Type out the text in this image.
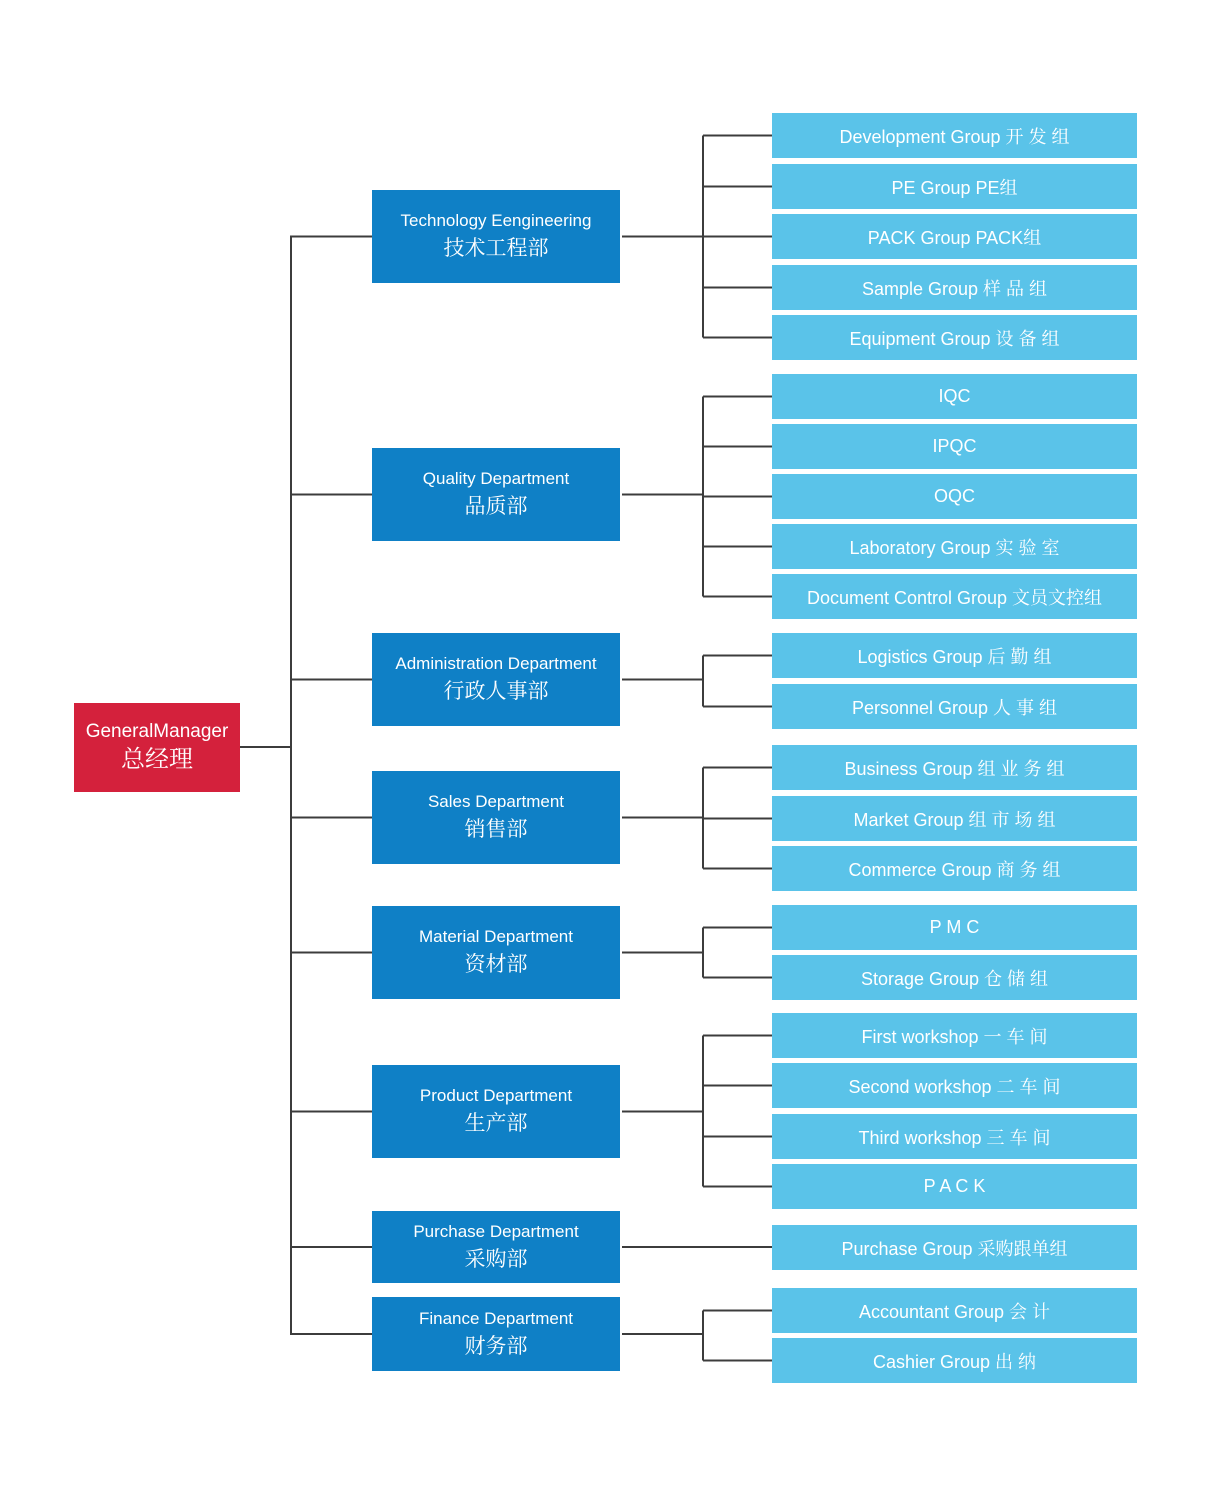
GeneralManager
总经理
Technology Eengineering
技术工程部
Quality Department
品质部
Administration Department
行政人事部
Sales Department
销售部
Material Department
资材部
Product Department
生产部
Purchase Department
采购部
Finance Department
财务部
Development Group 开 发 组
PE Group PE组
PACK Group PACK组
Sample Group 样 品 组
Equipment Group 设 备 组
IQC
IPQC
OQC
Laboratory Group 实 验 室
Document Control Group 文员文控组
Logistics Group 后 勤 组
Personnel Group 人 事 组
Business Group 组 业 务 组
Market Group 组 市 场 组
Commerce Group 商 务 组
P M C
Storage Group 仓 储 组
First workshop 一 车 间
Second workshop 二 车 间
Third workshop 三 车 间
P A C K
Purchase Group 采购跟单组
Accountant Group 会 计
Cashier Group 出 纳
